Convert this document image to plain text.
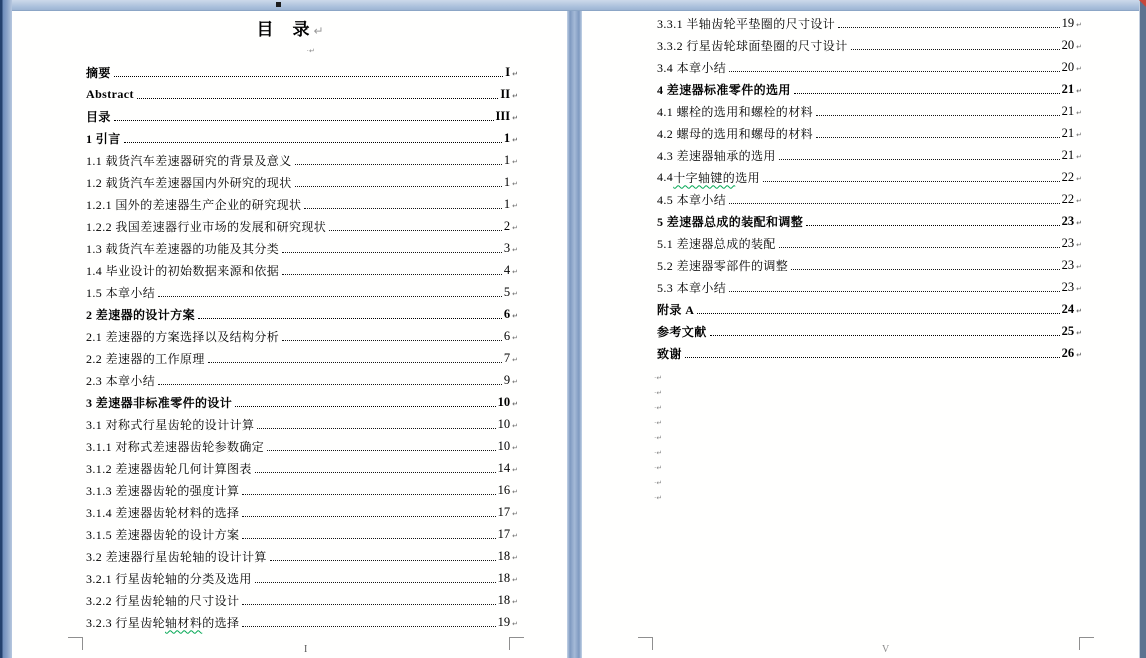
目　录 ↵
·↵
摘要	I ↵
Abstract	II ↵
目录	III ↵
1 引言	1 ↵
1.1 载货汽车差速器研究的背景及意义	1 ↵
1.2 载货汽车差速器国内外研究的现状	1 ↵
1.2.1 国外的差速器生产企业的研究现状	1 ↵
1.2.2 我国差速器行业市场的发展和研究现状	2 ↵
1.3 载货汽车差速器的功能及其分类	3 ↵
1.4 毕业设计的初始数据来源和依据	4 ↵
1.5 本章小结	5 ↵
2 差速器的设计方案	6 ↵
2.1 差速器的方案选择以及结构分析	6 ↵
2.2 差速器的工作原理	7 ↵
2.3 本章小结	9 ↵
3 差速器非标准零件的设计	10 ↵
3.1 对称式行星齿轮的设计计算	10 ↵
3.1.1 对称式差速器齿轮参数确定	10 ↵
3.1.2 差速器齿轮几何计算图表	14 ↵
3.1.3 差速器齿轮的强度计算	16 ↵
3.1.4 差速器齿轮材料的选择	17 ↵
3.1.5 差速器齿轮的设计方案	17 ↵
3.2 差速器行星齿轮轴的设计计算	18 ↵
3.2.1 行星齿轮轴的分类及选用	18 ↵
3.2.2 行星齿轮轴的尺寸设计	18 ↵
3.2.3 行星齿轮 轴材料 的选择	19 ↵
I
3.3.1 半轴齿轮平垫圈的尺寸设计	19 ↵
3.3.2 行星齿轮球面垫圈的尺寸设计	20 ↵
3.4 本章小结	20 ↵
4 差速器标准零件的选用	21 ↵
4.1 螺栓的选用和螺栓的材料	21 ↵
4.2 螺母的选用和螺母的材料	21 ↵
4.3 差速器轴承的选用	21 ↵
4.4 十字轴键的 选用	22 ↵
4.5 本章小结	22 ↵
5 差速器总成的装配和调整	23 ↵
5.1 差速器总成的装配	23 ↵
5.2 差速器零部件的调整	23 ↵
5.3 本章小结	23 ↵
附录 A	24 ↵
参考文献	25 ↵
致谢	26 ↵
·↵
·↵
·↵
·↵
·↵
·↵
·↵
·↵
·↵
V
